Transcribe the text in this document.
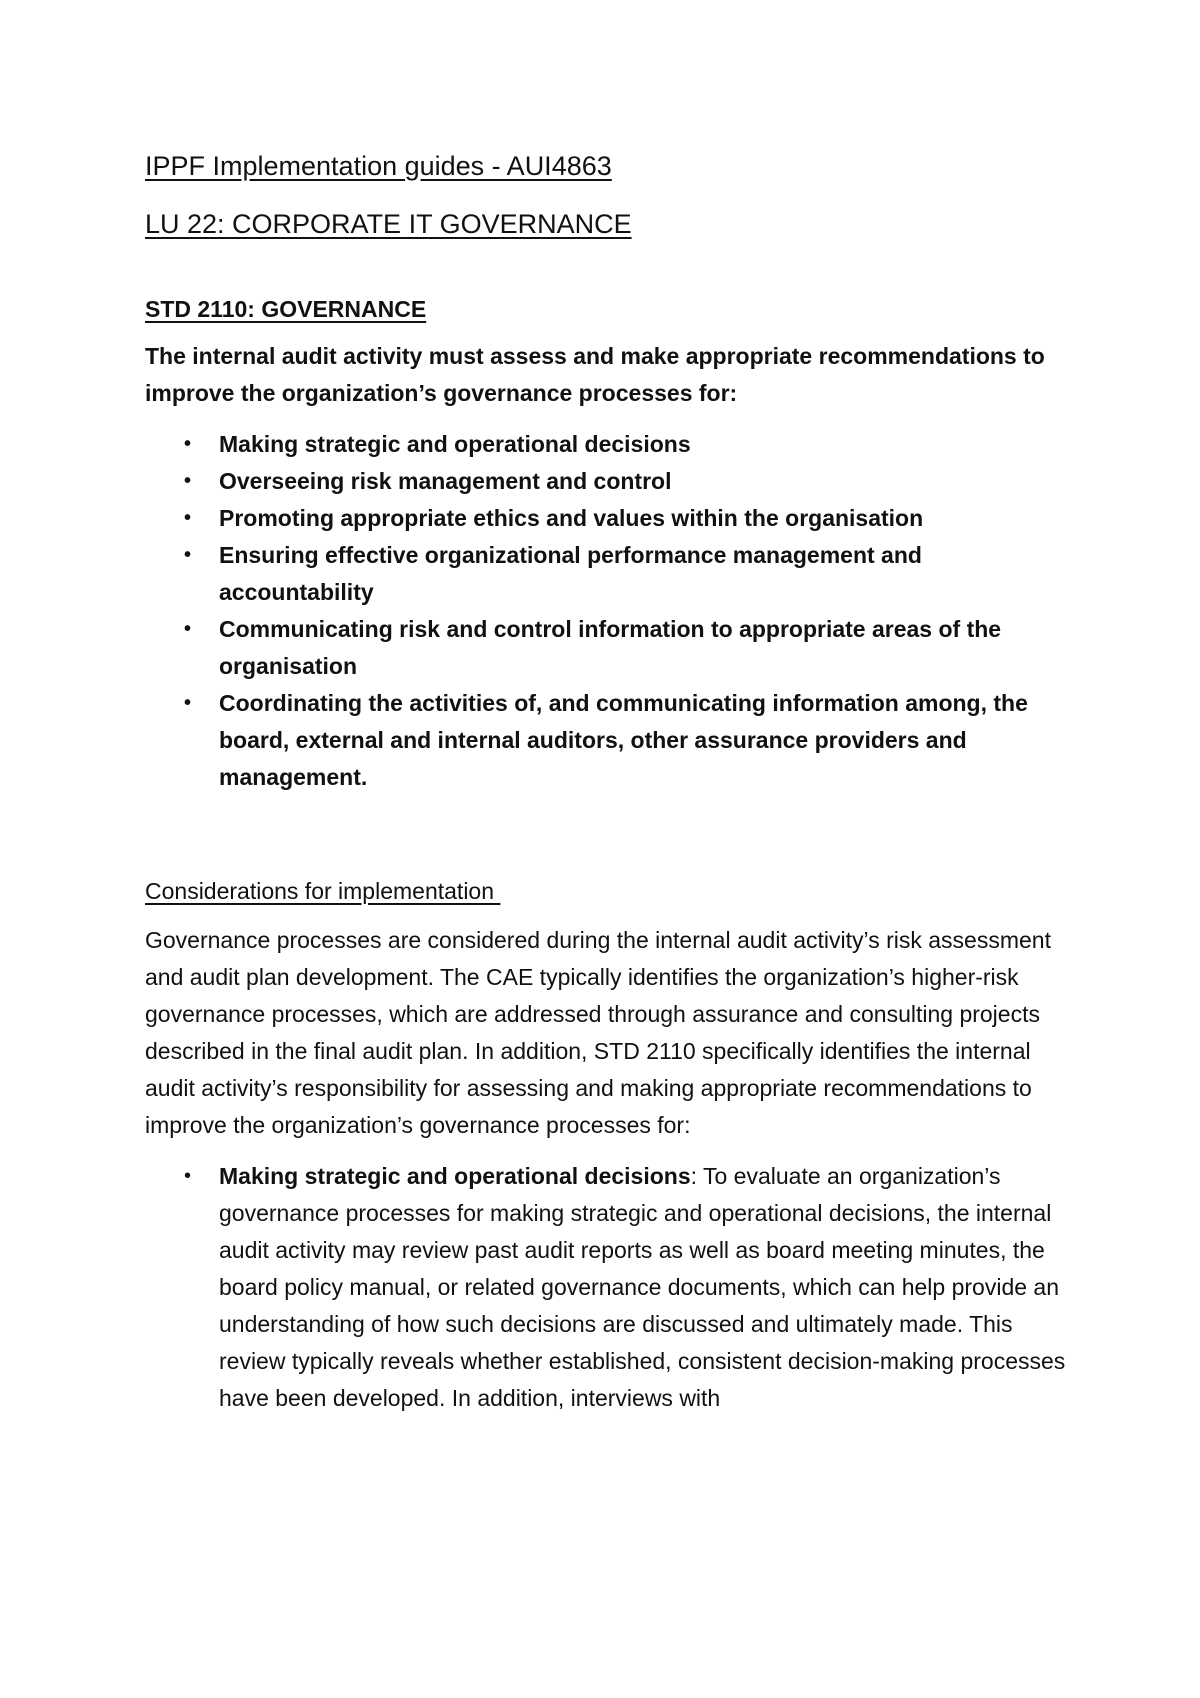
IPPF Implementation guides - AUI4863
LU 22: CORPORATE IT GOVERNANCE
STD 2110: GOVERNANCE

The internal audit activity must assess and make appropriate recommendations to improve the organization’s governance processes for:

• Making strategic and operational decisions
• Overseeing risk management and control
• Promoting appropriate ethics and values within the organisation
• Ensuring effective organizational performance management and accountability
• Communicating risk and control information to appropriate areas of the organisation
• Coordinating the activities of, and communicating information among, the board, external and internal auditors, other assurance providers and management.
Considerations for implementation

Governance processes are considered during the internal audit activity’s risk assessment and audit plan development. The CAE typically identifies the organization’s higher-risk governance processes, which are addressed through assurance and consulting projects described in the final audit plan. In addition, STD 2110 specifically identifies the internal audit activity’s responsibility for assessing and making appropriate recommendations to improve the organization’s governance processes for:

• Making strategic and operational decisions: To evaluate an organization’s governance processes for making strategic and operational decisions, the internal audit activity may review past audit reports as well as board meeting minutes, the board policy manual, or related governance documents, which can help provide an understanding of how such decisions are discussed and ultimately made. This review typically reveals whether established, consistent decision-making processes have been developed. In addition, interviews with
